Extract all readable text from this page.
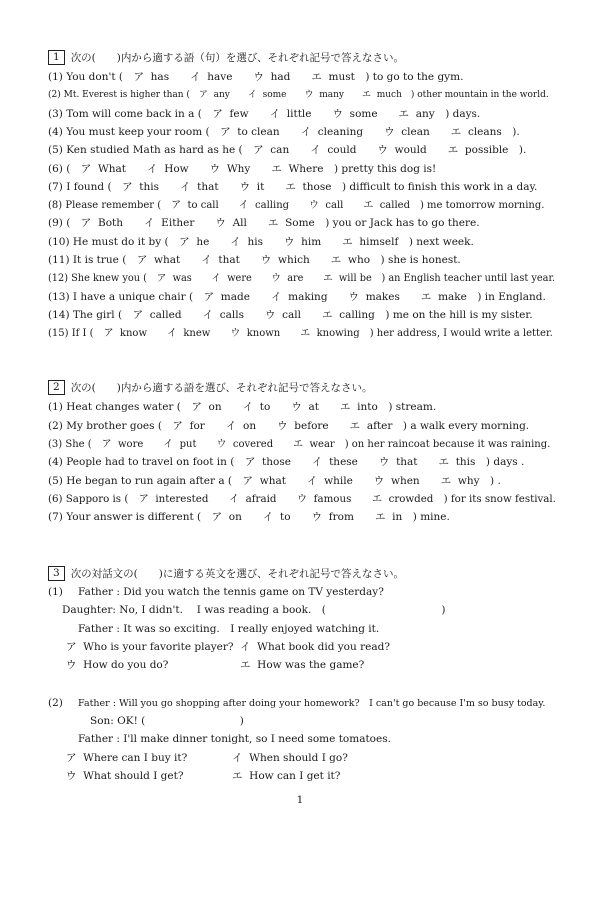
1	次の(　　)内から適する語（句）を選び、それぞれ記号で答えなさい。
(1) You don't (　ア  has　　イ  have　　ウ  had　　エ  must　) to go to the gym.
(2) Mt. Everest is higher than (　ア  any　　イ  some　　ウ  many　　エ  much　) other mountain in the world.
(3) Tom will come back in a (　ア  few　　イ  little　　ウ  some　　エ  any　) days.
(4) You must keep your room (　ア  to clean　　イ  cleaning　　ウ  clean　　エ  cleans　).
(5) Ken studied Math as hard as he (　ア  can　　イ  could　　ウ  would　　エ  possible　).
(6) (　ア  What　　イ  How　　ウ  Why　　エ  Where　) pretty this dog is!
(7) I found (　ア  this　　イ  that　　ウ  it　　エ  those　) difficult to finish this work in a day.
(8) Please remember (　ア  to call　　イ  calling　　ウ  call　　エ  called　) me tomorrow morning.
(9) (　ア  Both　　イ  Either　　ウ  All　　エ  Some　) you or Jack has to go there.
(10) He must do it by (　ア  he　　イ  his　　ウ  him　　エ  himself　) next week.
(11) It is true (　ア  what　　イ  that　　ウ  which　　エ  who　) she is honest.
(12) She knew you (　ア  was　　イ  were　　ウ  are　　エ  will be　) an English teacher until last year.
(13) I have a unique chair (　ア  made　　イ  making　　ウ  makes　　エ  make　) in England.
(14) The girl (　ア  called　　イ  calls　　ウ  call　　エ  calling　) me on the hill is my sister.
(15) If I (　ア  know　　イ  knew　　ウ  known　　エ  knowing　) her address, I would write a letter.
2	次の(　　)内から適する語を選び、それぞれ記号で答えなさい。
(1) Heat changes water (　ア  on　　イ  to　　ウ  at　　エ  into　) stream.
(2) My brother goes (　ア  for　　イ  on　　ウ  before　　エ  after　) a walk every morning.
(3) She (　ア  wore　　イ  put　　ウ  covered　　エ  wear　) on her raincoat because it was raining.
(4) People had to travel on foot in (　ア  those　　イ  these　　ウ  that　　エ  this　) days .
(5) He began to run again after a (　ア  what　　イ  while　　ウ  when　　エ  why　) .
(6) Sapporo is (　ア  interested　　イ  afraid　　ウ  famous　　エ  crowded　) for its snow festival.
(7) Your answer is different (　ア  on　　イ  to　　ウ  from　　エ  in　) mine.
3	次の対話文の(　　)に適する英文を選び、それぞれ記号で答えなさい。
(1) Father : Did you watch the tennis game on TV yesterday?
Daughter: No, I didn't.　 I was reading a book.　(　　　　　　　　　　　)
Father : It was so exciting.　I really enjoyed watching it.
ア  Who is your favorite player? イ  What book did you read?
ウ  How do you do?	エ  How was the game?
(2) Father : Will you go shopping after doing your homework?　I can't go because I'm so busy today.
Son: OK! (　　　　　　　　　)
Father : I'll make dinner tonight, so I need some tomatoes.
ア  Where can I buy it?	イ  When should I go?
ウ  What should I get?	エ  How can I get it?
1
